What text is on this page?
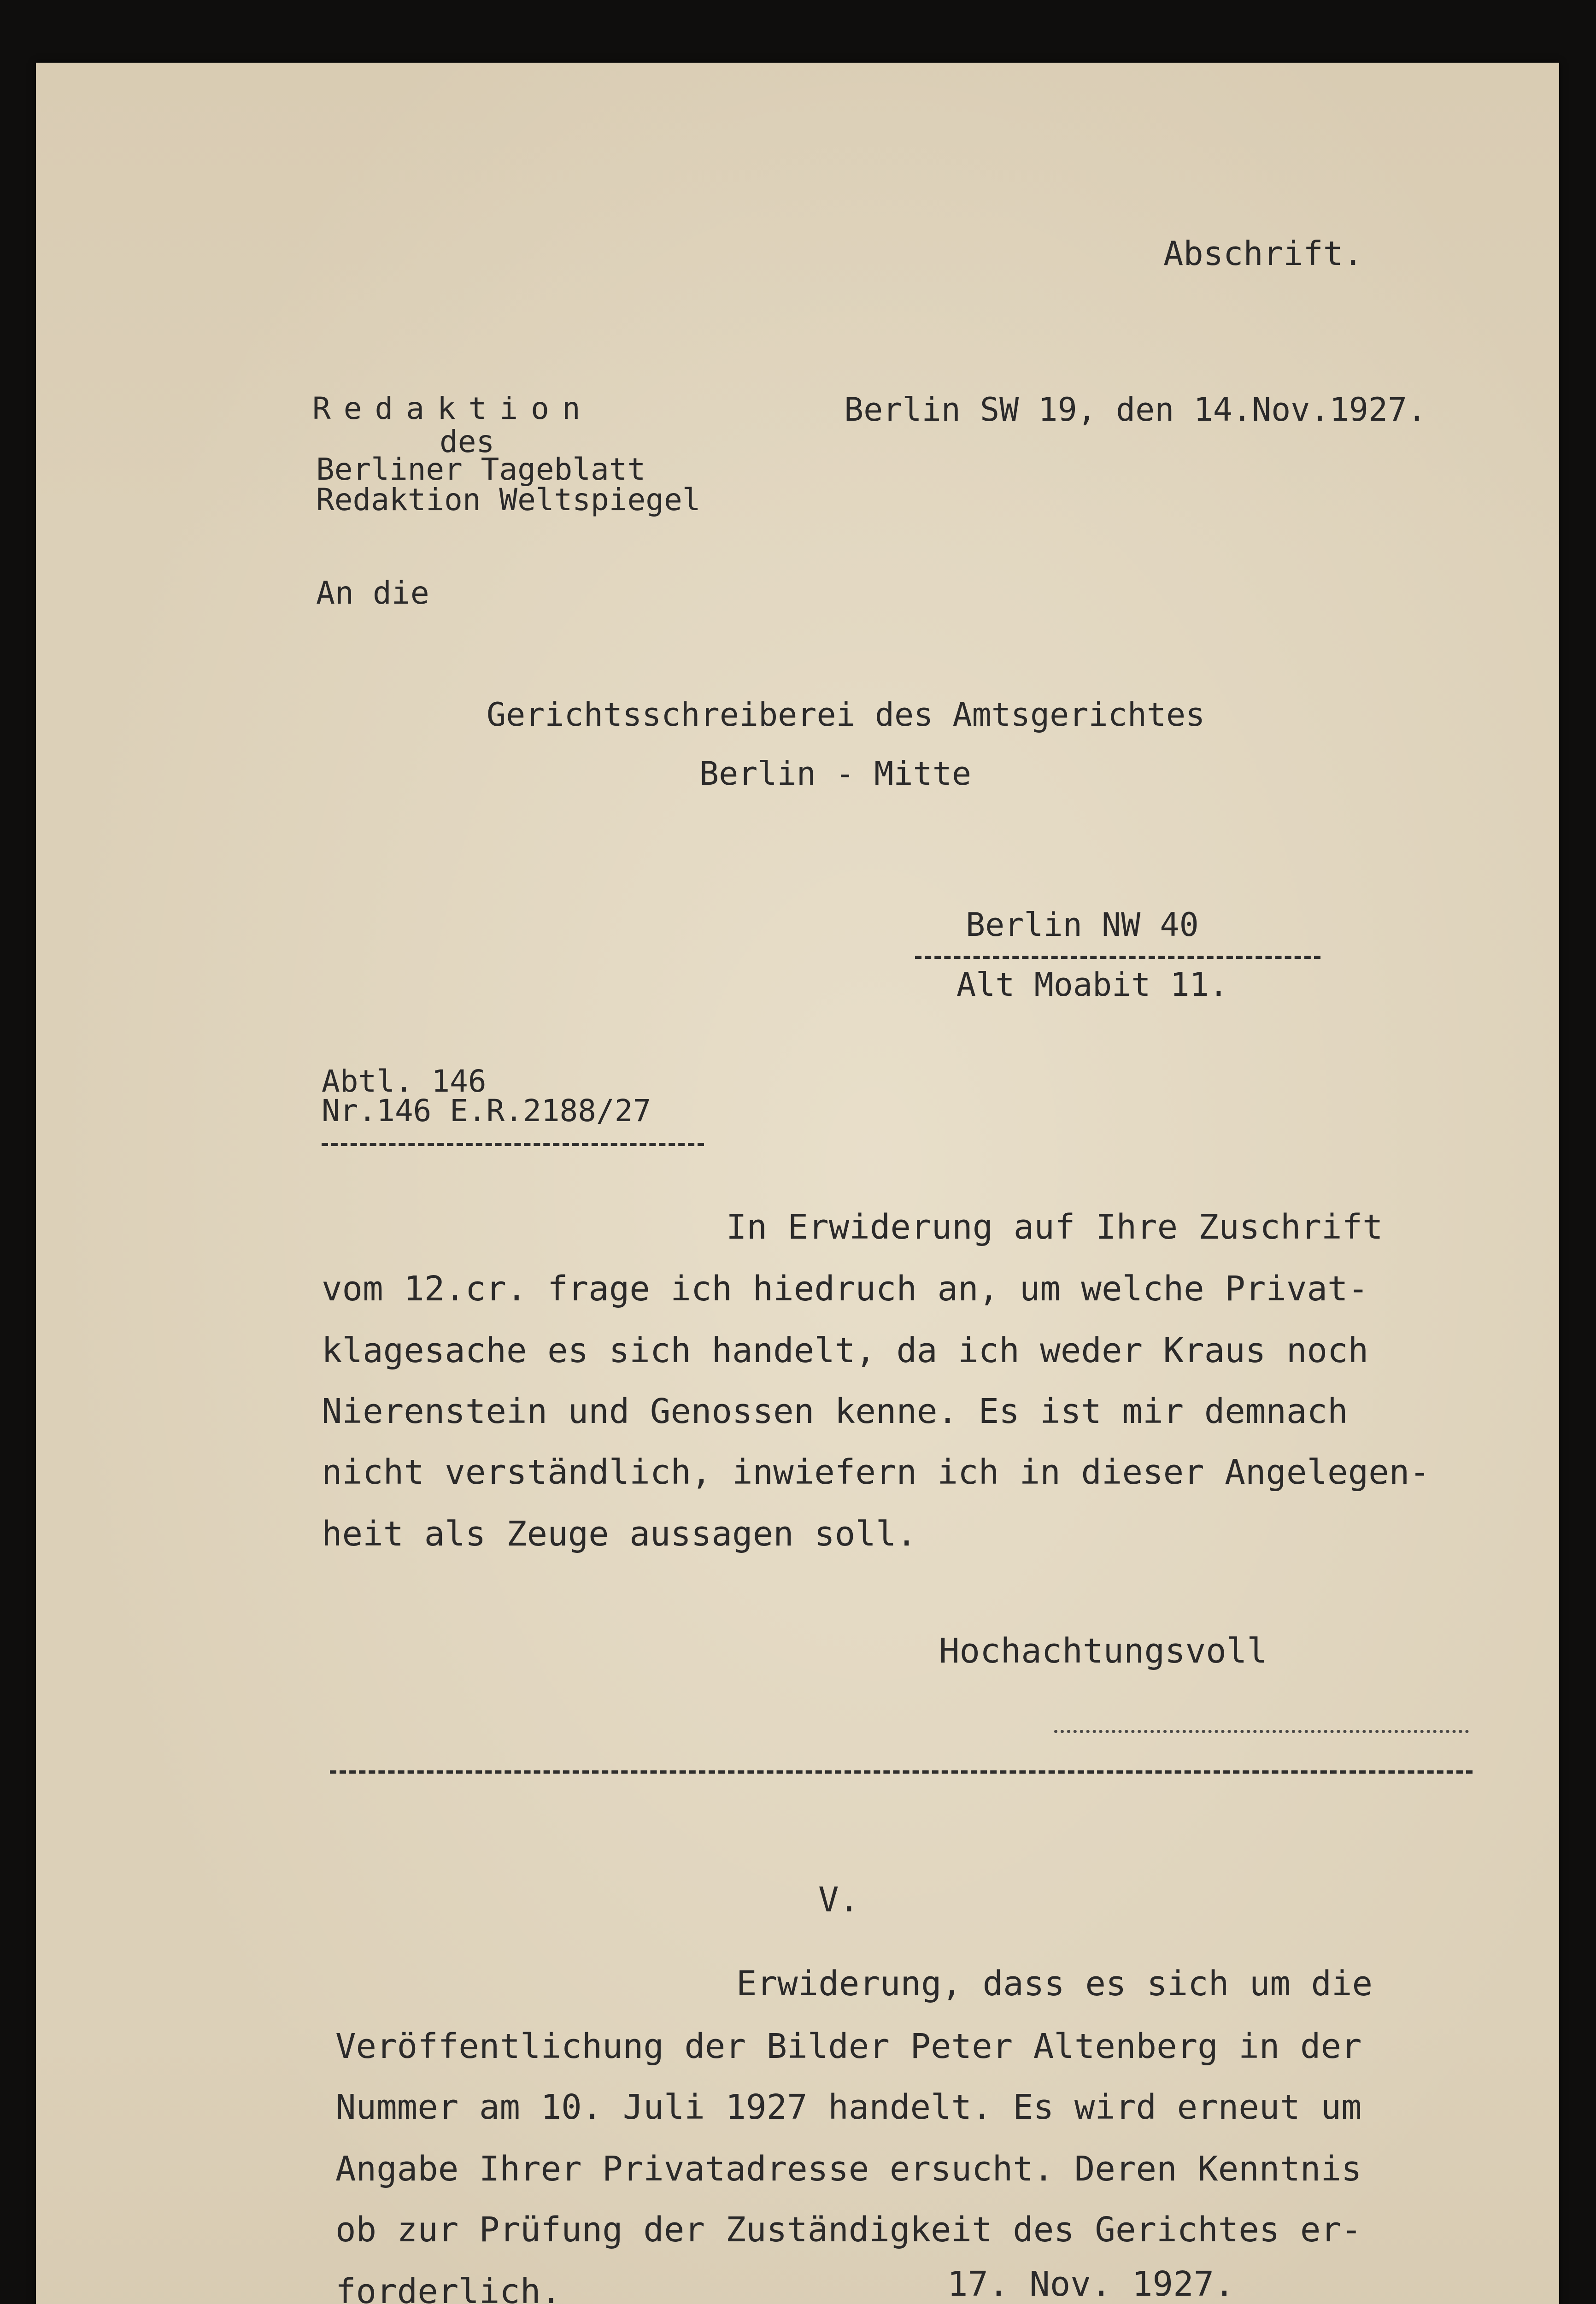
Abschrift.

Redaktion

des

Berliner Tageblatt

Redaktion Weltspiegel

Berlin SW 19, den 14.Nov.1927.

An die

Gerichtsschreiberei des Amtsgerichtes

Berlin - Mitte

Berlin NW 40

Alt Moabit 11.

Abtl. 146

Nr.146 E.R.2188/27

In Erwiderung auf Ihre Zuschrift

vom 12.cr. frage ich hiedruch an, um welche Privat-

klagesache es sich handelt, da ich weder Kraus noch

Nierenstein und Genossen kenne. Es ist mir demnach

nicht verständlich, inwiefern ich in dieser Angelegen-

heit als Zeuge aussagen soll.

Hochachtungsvoll

V.

Erwiderung, dass es sich um die

Veröffentlichung der Bilder Peter Altenberg in der

Nummer am 10. Juli 1927 handelt. Es wird erneut um

Angabe Ihrer Privatadresse ersucht. Deren Kenntnis

ob zur Prüfung der Zuständigkeit des Gerichtes er-

forderlich.	17. Nov. 1927.
